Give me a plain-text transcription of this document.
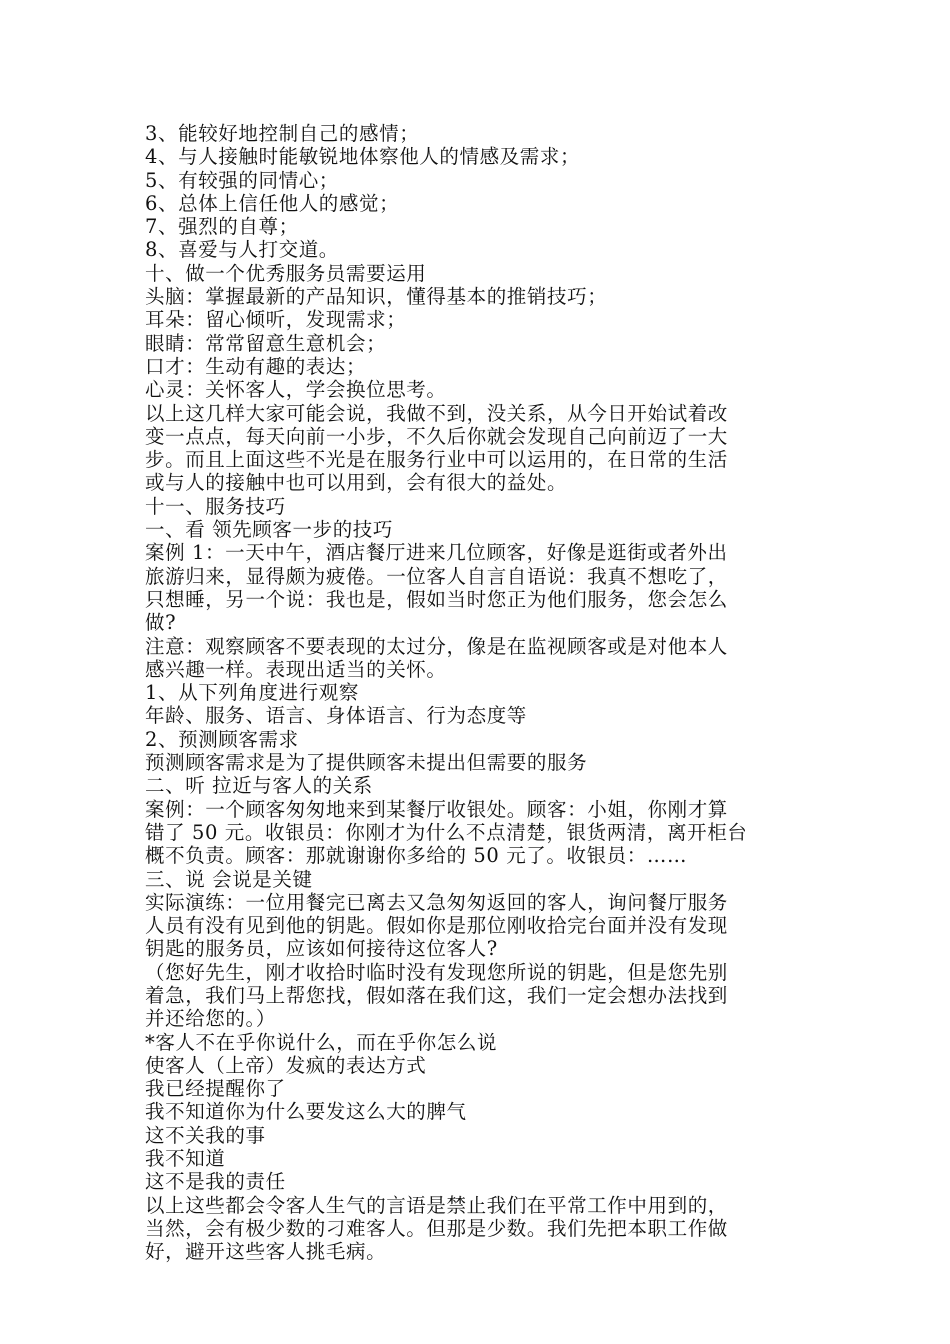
3、能较好地控制自己的感情；
4、与人接触时能敏锐地体察他人的情感及需求；
5、有较强的同情心；
6、总体上信任他人的感觉；
7、强烈的自尊；
8、喜爱与人打交道。
十、做一个优秀服务员需要运用
头脑：掌握最新的产品知识，懂得基本的推销技巧；
耳朵：留心倾听，发现需求；
眼睛：常常留意生意机会；
口才：生动有趣的表达；
心灵：关怀客人，学会换位思考。
以上这几样大家可能会说，我做不到，没关系，从今日开始试着改
变一点点，每天向前一小步，不久后你就会发现自己向前迈了一大
步。而且上面这些不光是在服务行业中可以运用的，在日常的生活
或与人的接触中也可以用到，会有很大的益处。
十一、服务技巧
一、看 领先顾客一步的技巧
案例 1：一天中午，酒店餐厅进来几位顾客，好像是逛街或者外出
旅游归来，显得颇为疲倦。一位客人自言自语说：我真不想吃了，
只想睡，另一个说：我也是，假如当时您正为他们服务，您会怎么
做?
注意：观察顾客不要表现的太过分，像是在监视顾客或是对他本人
感兴趣一样。表现出适当的关怀。
1、从下列角度进行观察
年龄、服务、语言、身体语言、行为态度等
2、预测顾客需求
预测顾客需求是为了提供顾客未提出但需要的服务
二、听 拉近与客人的关系
案例：一个顾客匆匆地来到某餐厅收银处。顾客：小姐，你刚才算
错了 50 元。收银员：你刚才为什么不点清楚，银货两清，离开柜台
概不负责。顾客：那就谢谢你多给的 50 元了。收银员：……
三、说 会说是关键
实际演练：一位用餐完已离去又急匆匆返回的客人，询问餐厅服务
人员有没有见到他的钥匙。假如你是那位刚收拾完台面并没有发现
钥匙的服务员，应该如何接待这位客人?
（您好先生，刚才收拾时临时没有发现您所说的钥匙，但是您先别
着急，我们马上帮您找，假如落在我们这，我们一定会想办法找到
并还给您的。）
*客人不在乎你说什么，而在乎你怎么说
使客人（上帝）发疯的表达方式
我已经提醒你了
我不知道你为什么要发这么大的脾气
这不关我的事
我不知道
这不是我的责任
以上这些都会令客人生气的言语是禁止我们在平常工作中用到的，
当然，会有极少数的刁难客人。但那是少数。我们先把本职工作做
好，避开这些客人挑毛病。
